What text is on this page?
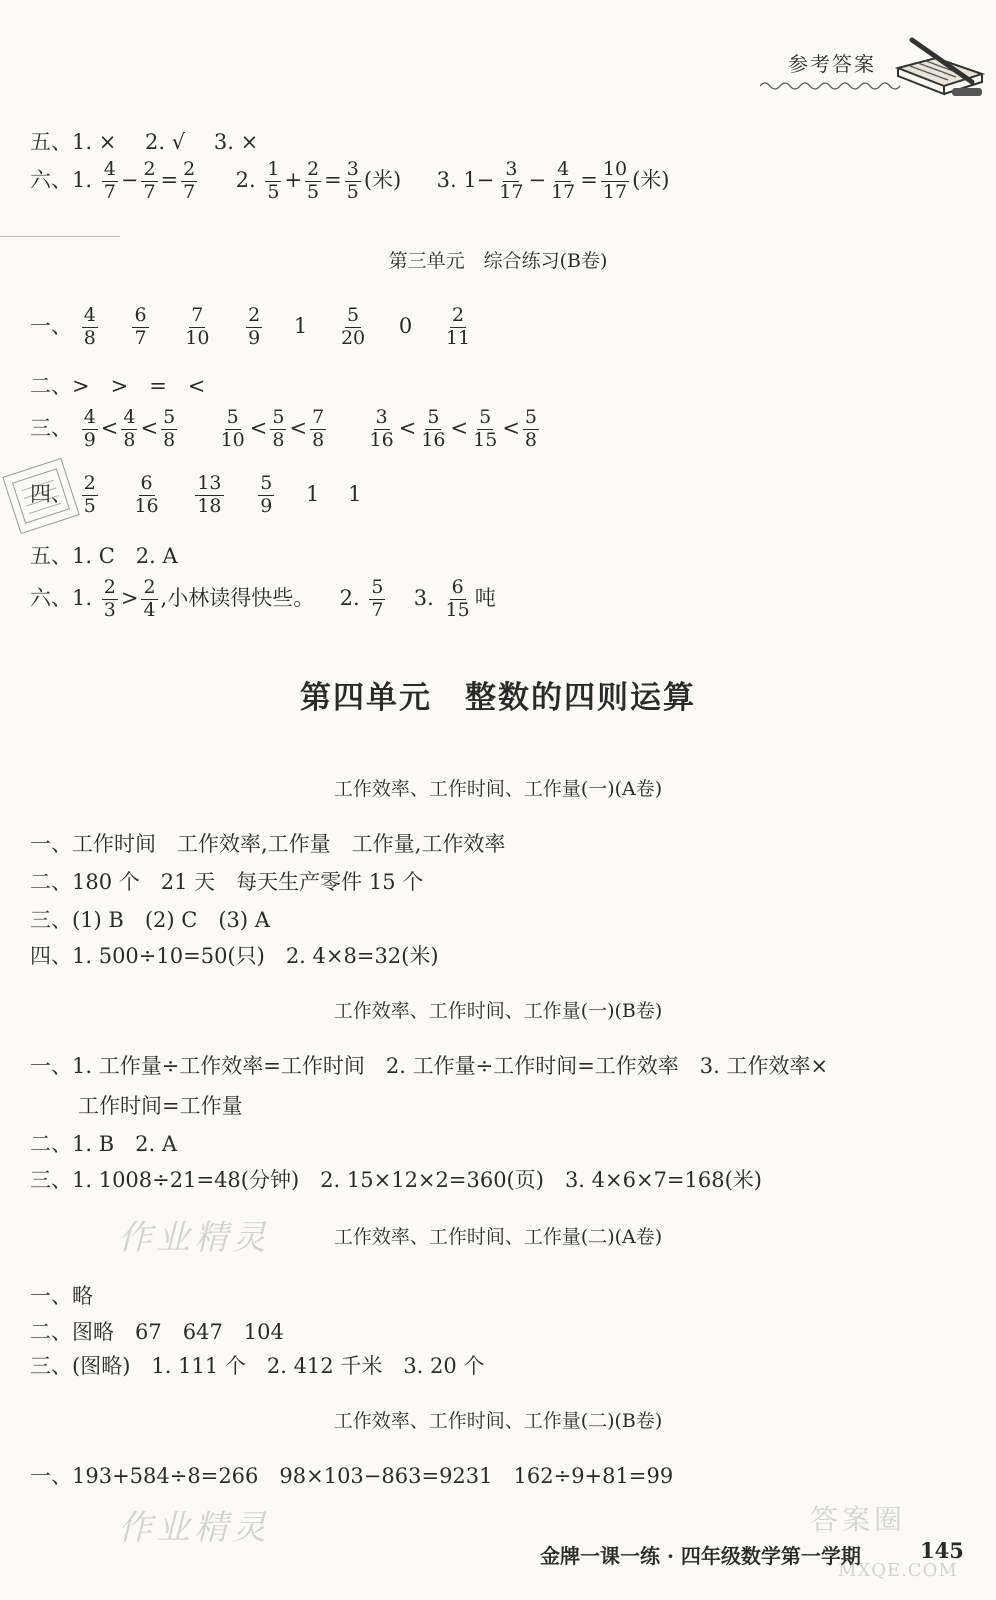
参考答案
五、1. × 2. √ 3. ×
六、1. $\frac{4}{7} - \frac{2}{7} = \frac{2}{7} 2$. $\frac{1}{5} + \frac{2}{5} = \frac{3}{5}$ (米) 3. $1- \frac{3}{17} - \frac{4}{17} = \frac{10}{17}$ (米)
第三单元　综合练习(B卷)
一、 $\frac{4}{8}$
$\frac{6}{7}$
$\frac{7}{10}$
$\frac{2}{9} 1 \frac{5}{20} 0 \frac{2}{11}$
二、>　>　=　<
三、 $\frac{4}{9} < \frac{4}{8} < \frac{5}{8}$
$\frac{5}{10} < \frac{5}{8} < \frac{7}{8}$
$\frac{3}{16} < \frac{5}{16} < \frac{5}{15} < \frac{5}{8}$
四、 $\frac{2}{5}$
$\frac{6}{16}$
$\frac{13}{18}$
$\frac{5}{9} 1$ 1
五、1. C　2. A
六、1. $\frac{2}{3} > \frac{2}{4}$ ,小林读得快些。 2. $\frac{5}{7} 3$. $\frac{6}{15}$ 吨
第四单元　整数的四则运算
工作效率、工作时间、工作量(一)(A卷)
一、工作时间　工作效率,工作量　工作量,工作效率
二、180 个　21 天　每天生产零件 15 个
三、(1) B　(2) C　(3) A
四、1. 500÷10=50(只)　2. 4×8=32(米)
工作效率、工作时间、工作量(一)(B卷)
一、1. 工作量÷工作效率=工作时间　2. 工作量÷工作时间=工作效率　3. 工作效率×
工作时间=工作量
二、1. B　2. A
三、1. 1008÷21=48(分钟)　2. 15×12×2=360(页)　3. 4×6×7=168(米)
作业精灵	工作效率、工作时间、工作量(二)(A卷)
一、略
二、图略　67　647　104
三、(图略)　1. 111 个　2. 412 千米　3. 20 个
工作效率、工作时间、工作量(二)(B卷)
一、193+584÷8=266　98×103−863=9231　162÷9+81=99
作业精灵	答案圈
MXQE.COM
金牌一课一练 · 四年级数学第一学期	145
